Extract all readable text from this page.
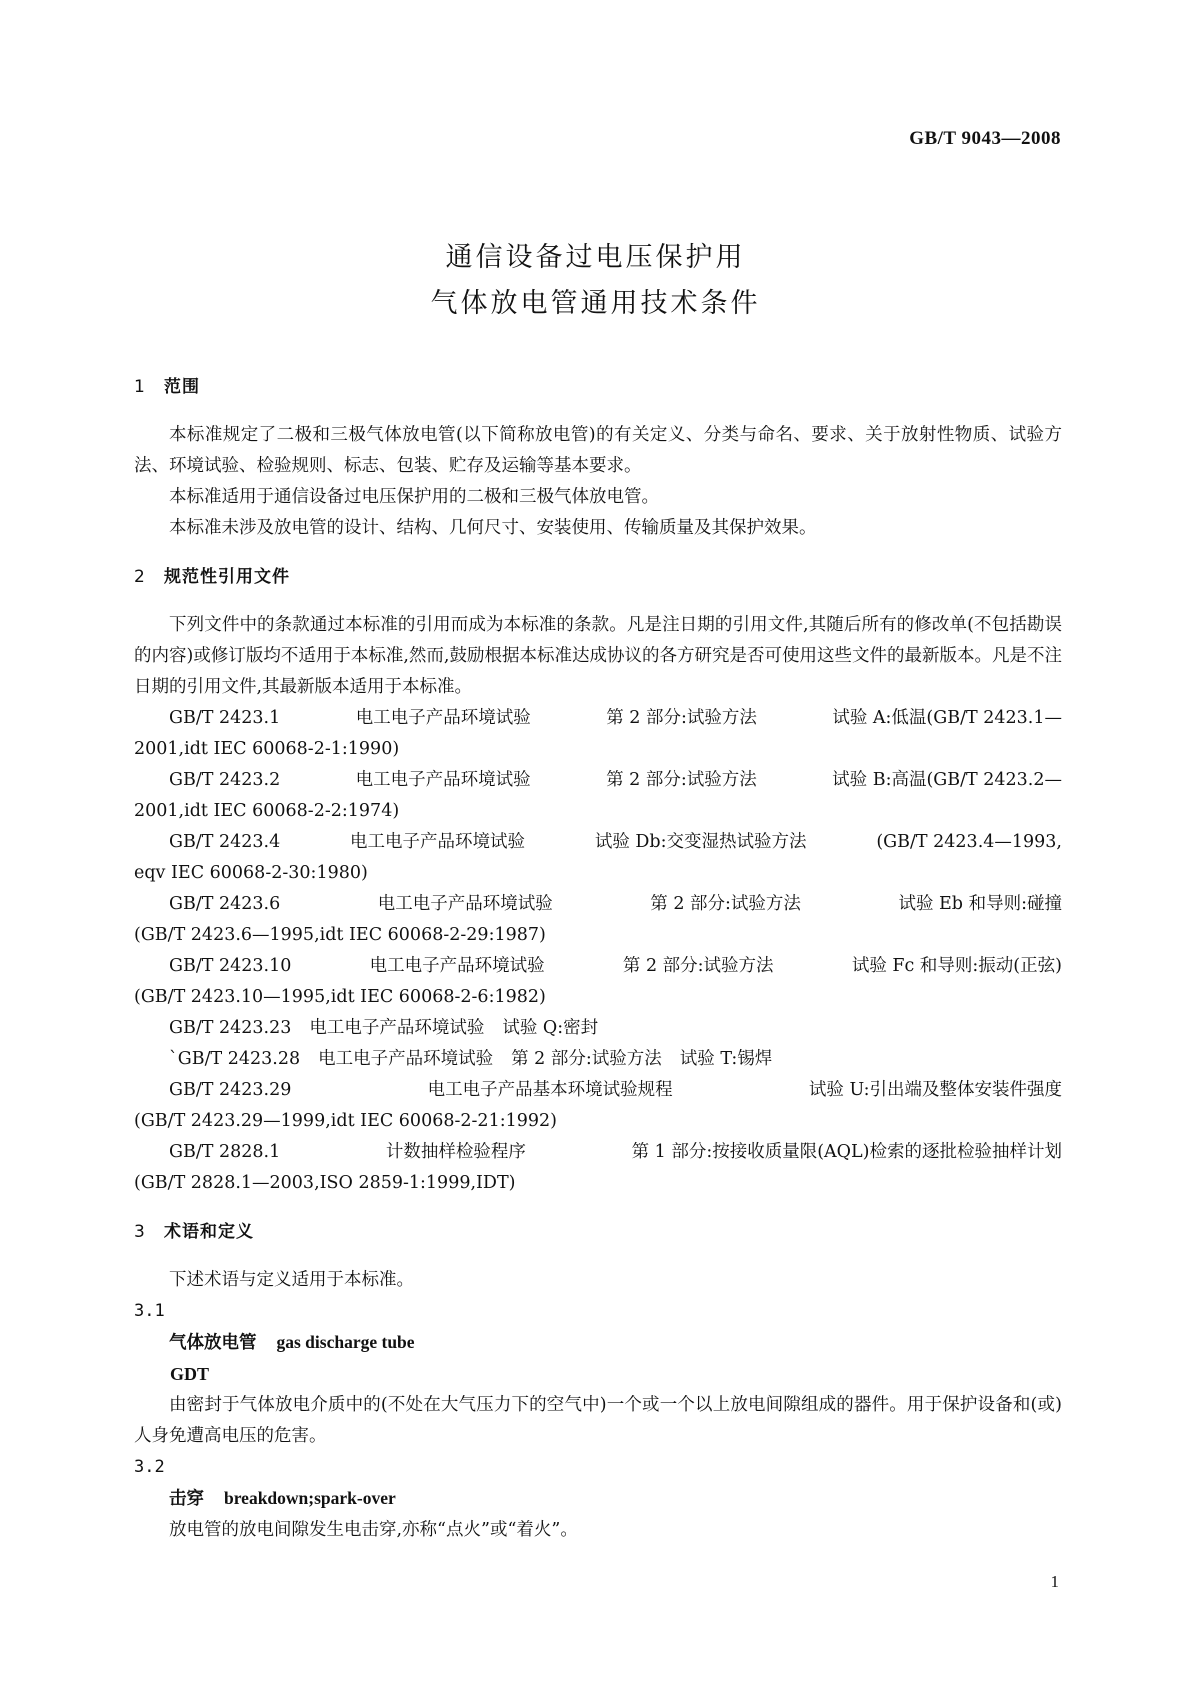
GB/T 9043—2008
通信设备过电压保护用
气体放电管通用技术条件
1 范围
本标准规定了二极和三极气体放电管(以下简称放电管)的有关定义、分类与命名、要求、关于放射性物质、试验方法、环境试验、检验规则、标志、包装、贮存及运输等基本要求。
本标准适用于通信设备过电压保护用的二极和三极气体放电管。
本标准未涉及放电管的设计、结构、几何尺寸、安装使用、传输质量及其保护效果。
2 规范性引用文件
下列文件中的条款通过本标准的引用而成为本标准的条款。凡是注日期的引用文件,其随后所有的修改单(不包括勘误的内容)或修订版均不适用于本标准,然而,鼓励根据本标准达成协议的各方研究是否可使用这些文件的最新版本。凡是不注日期的引用文件,其最新版本适用于本标准。
GB/T 2423.1	电工电子产品环境试验	第 2 部分:试验方法	试验 A:低温(GB/T 2423.1—
2001,idt IEC 60068-2-1:1990)
GB/T 2423.2	电工电子产品环境试验	第 2 部分:试验方法	试验 B:高温(GB/T 2423.2—
2001,idt IEC 60068-2-2:1974)
GB/T 2423.4	电工电子产品环境试验	试验 Db:交变湿热试验方法	(GB/T 2423.4—1993,
eqv IEC 60068-2-30:1980)
GB/T 2423.6	电工电子产品环境试验	第 2 部分:试验方法	试验 Eb 和导则:碰撞
(GB/T 2423.6—1995,idt IEC 60068-2-29:1987)
GB/T 2423.10	电工电子产品环境试验	第 2 部分:试验方法	试验 Fc 和导则:振动(正弦)
(GB/T 2423.10—1995,idt IEC 60068-2-6:1982)
GB/T 2423.23 电工电子产品环境试验 试验 Q:密封
`GB/T 2423.28 电工电子产品环境试验 第 2 部分:试验方法 试验 T:锡焊
GB/T 2423.29	电工电子产品基本环境试验规程	试验 U:引出端及整体安装件强度
(GB/T 2423.29—1999,idt IEC 60068-2-21:1992)
GB/T 2828.1	计数抽样检验程序	第 1 部分:按接收质量限(AQL)检索的逐批检验抽样计划
(GB/T 2828.1—2003,ISO 2859-1:1999,IDT)
3 术语和定义
下述术语与定义适用于本标准。
3.1
气体放电管 gas discharge tube
GDT
由密封于气体放电介质中的(不处在大气压力下的空气中)一个或一个以上放电间隙组成的器件。用于保护设备和(或)人身免遭高电压的危害。
3.2
击穿 breakdown;spark-over
放电管的放电间隙发生电击穿,亦称“点火”或“着火”。
1
